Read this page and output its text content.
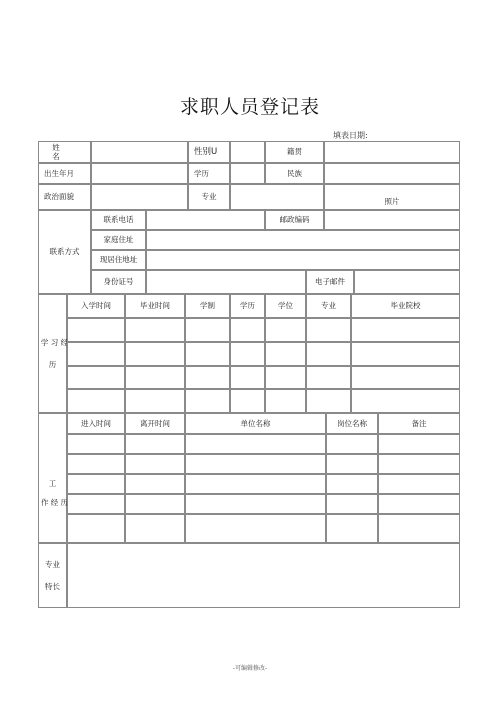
求职人员登记表
填表日期:
姓 名	性别U	籍贯
出生年月	学历	民族
政治面貌	专业	照片
联系方式
联系电话	邮政编码
家庭住址
现居住地址
身份证号	电子邮件
学 习 经
历
入学时间	毕业时间	学制	学历	学位	专业	毕业院校
工
作 经 历
进入时间	离开时间	单位名称	岗位名称	备注
专业
特长
-可编辑修改-
